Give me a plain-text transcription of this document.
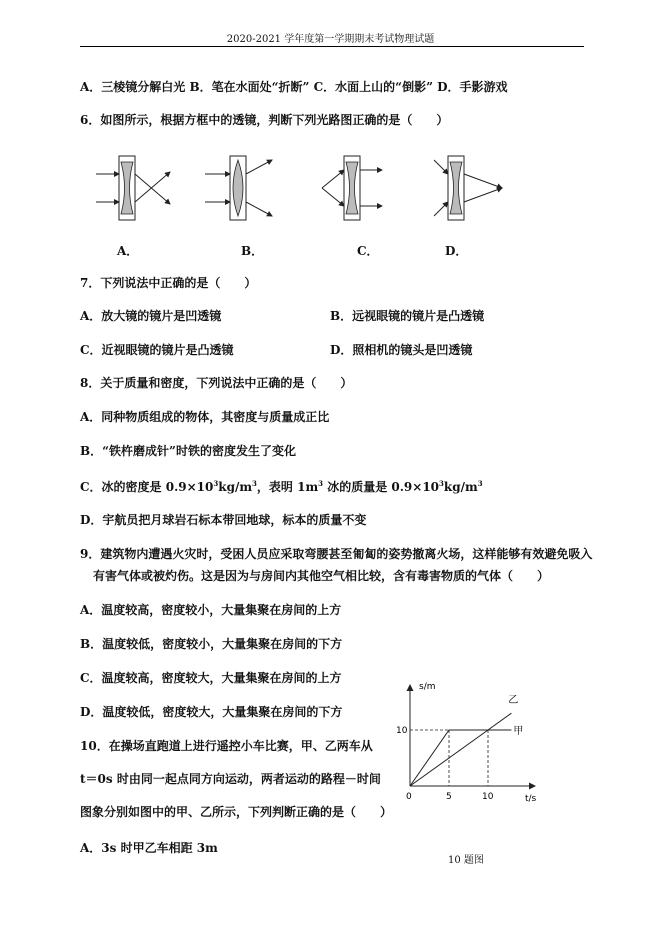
2020-2021 学年度第一学期期末考试物理试题
A．三棱镜分解白光 B．笔在水面处“折断” C．水面上山的“倒影” D．手影游戏
6．如图所示，根据方框中的透镜，判断下列光路图正确的是（　　）
A．	B．	C．	D．
7．下列说法中正确的是（　　）
A．放大镜的镜片是凹透镜	B．远视眼镜的镜片是凸透镜
C．近视眼镜的镜片是凸透镜	D．照相机的镜头是凹透镜
8．关于质量和密度，下列说法中正确的是（　　）
A．同种物质组成的物体，其密度与质量成正比
B．“铁杵磨成针”时铁的密度发生了变化
C．冰的密度是 $0.9\times 10^3kg/m^3$，表明 $1m^3$ 冰的质量是 $0.9\times 10^3kg/m^3$
D．宇航员把月球岩石标本带回地球，标本的质量不变
9．建筑物内遭遇火灾时，受困人员应采取弯腰甚至匍匐的姿势撤离火场，这样能够有效避免吸入
有害气体或被灼伤。这是因为与房间内其他空气相比较，含有毒害物质的气体（　　）
A．温度较高，密度较小，大量集聚在房间的上方
B．温度较低，密度较小，大量集聚在房间的下方
C．温度较高，密度较大，大量集聚在房间的上方
D．温度较低，密度较大，大量集聚在房间的下方
10．在操场直跑道上进行遥控小车比赛，甲、乙两车从
t＝0s 时由同一起点同方向运动，两者运动的路程－时间
图象分别如图中的甲、乙所示，下列判断正确的是（　　）
A．3s 时甲乙车相距 3m
s/m
t/s
0	5	10
10	甲
乙
10 题图
